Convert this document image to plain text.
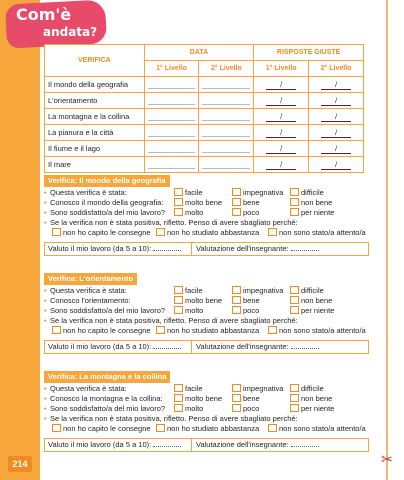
✂
Com'è
andata?
VERIFICA	DATA		RISPOSTE GIUSTE	
	1° Livello	2° Livello	1° Livello	2° Livello
Il mondo della geografia			/	/
L'orientamento			/	/
La montagna e la collina			/	/
La pianura e la città			/	/
Il fiume e il lago			/	/
Il mare			/	/
Verifica: Il mondo della geografia
• Questa verifica è stata:	facile	impegnativa	difficile
• Conosco il mondo della geografia:	molto bene	bene	non bene
• Sono soddisfatto/a del mio lavoro?	molto	poco	per niente
• Se la verifica non è stata positiva, rifletto. Penso di avere sbagliato perché:
non ho capito le consegne	non ho studiato abbastanza	non sono stato/a attento/a
Valuto il mio lavoro (da 5 a 10):	Valutazione dell'insegnante:
Verifica: L'orientamento
• Questa verifica è stata:	facile	impegnativa	difficile
• Conosco l'orientamento:	molto bene	bene	non bene
• Sono soddisfatto/a del mio lavoro?	molto	poco	per niente
• Se la verifica non è stata positiva, rifletto. Penso di avere sbagliato perché:
non ho capito le consegne	non ho studiato abbastanza	non sono stato/a attento/a
Valuto il mio lavoro (da 5 a 10):	Valutazione dell'insegnante:
Verifica: La montagna e la collina
• Questa verifica è stata:	facile	impegnativa	difficile
• Conosco la montagna e la collina:	molto bene	bene	non bene
• Sono soddisfatto/a del mio lavoro?	molto	poco	per niente
• Se la verifica non è stata positiva, rifletto. Penso di avere sbagliato perché:
non ho capito le consegne	non ho studiato abbastanza	non sono stato/a attento/a
Valuto il mio lavoro (da 5 a 10):	Valutazione dell'insegnante:
214
